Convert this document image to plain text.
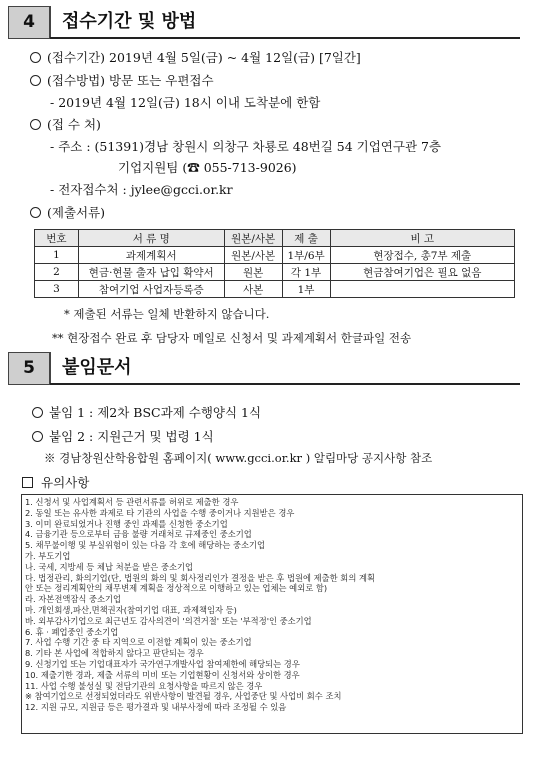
4	접수기간 및 방법
(접수기간) 2019년 4월 5일(금) ~ 4월 12일(금) [7일간]
(접수방법) 방문 또는 우편접수
- 2019년 4월 12일(금) 18시 이내 도착분에 한함
(접 수 처)
- 주소 : (51391)경남 창원시 의창구 차룡로 48번길 54 기업연구관 7층
기업지원팀 (☎ 055-713-9026)
- 전자접수처 : jylee@gcci.or.kr
(제출서류)
번호	서 류 명	원본/사본	제 출	비 고
1	과제계획서	원본/사본	1부/6부	현장접수, 총7부 제출
2	현금·현물 출자 납입 확약서	원본	각 1부	현금참여기업은 필요 없음
3	참여기업 사업자등록증	사본	1부	
* 제출된 서류는 일체 반환하지 않습니다.
** 현장접수 완료 후 담당자 메일로 신청서 및 과제계획서 한글파일 전송
5	붙임문서
붙임 1 : 제2차 BSC과제 수행양식 1식
붙임 2 : 지원근거 및 법령 1식
※ 경남창원산학융합원 홈페이지( www.gcci.or.kr ) 알림마당 공지사항 참조
유의사항
1. 신청서 및 사업계획서 등 관련서류를 허위로 제출한 경우
2. 동일 또는 유사한 과제로 타 기관의 사업을 수행 중이거나 지원받은 경우
3. 이미 완료되었거나 진행 중인 과제를 신청한 중소기업
4. 금융기관 등으로부터 금융 불량 거래처로 규제중인 중소기업
5. 채무불이행 및 부실위험이 있는 다음 각 호에 해당하는 중소기업
가. 부도기업
나. 국세, 지방세 등 체납 처분을 받은 중소기업
다. 법정관리, 화의기업(단, 법원의 화의 및 회사정리인가 결정을 받은 후 법원에 제출한 회의 계획
안 또는 정리계획안의 채무변제 계획을 정상적으로 이행하고 있는 업체는 예외로 함)
라. 자본전액잠식 중소기업
마. 개인회생,파산,면책권자(참여기업 대표, 과제책임자 등)
바. 외부감사기업으로 최근년도 감사의견이 '의견거절' 또는 '부적정'인 중소기업
6. 휴 · 폐업중인 중소기업
7. 사업 수행 기간 중 타 지역으로 이전할 계획이 있는 중소기업
8. 기타 본 사업에 적합하지 않다고 판단되는 경우
9. 신청기업 또는 기업대표자가 국가연구개발사업 참여제한에 해당되는 경우
10. 제출기한 경과, 제출 서류의 미비 또는 기업현황이 신청서와 상이한 경우
11. 사업 수행 불성실 및 전담기관의 요청사항을 따르지 않은 경우
※ 참여기업으로 선정되었더라도 위반사항이 발견될 경우, 사업중단 및 사업비 회수 조치
12. 지원 규모, 지원금 등은 평가결과 및 내부사정에 따라 조정될 수 있음
